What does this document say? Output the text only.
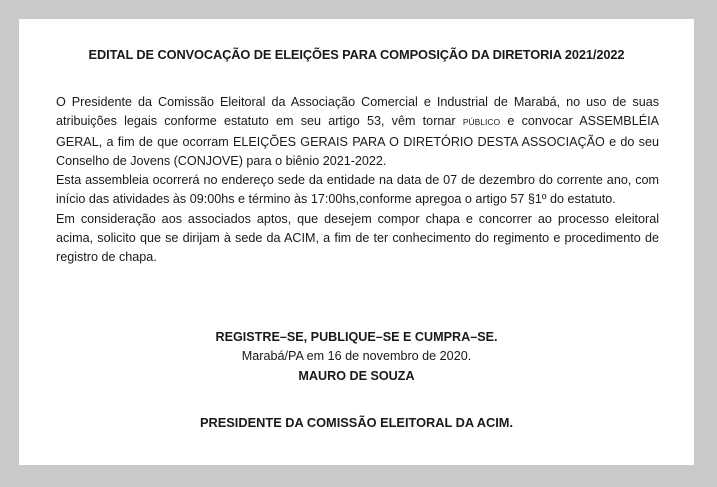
EDITAL DE CONVOCAÇÃO DE ELEIÇÕES PARA COMPOSIÇÃO DA DIRETORIA 2021/2022

O Presidente da Comissão Eleitoral da Associação Comercial e Industrial de Marabá, no uso de suas atribuições legais conforme estatuto em seu artigo 53, vêm tornar PÚBLICO e convocar ASSEMBLÉIA GERAL, a fim de que ocorram ELEIÇÕES GERAIS PARA O DIRETÓRIO DESTA ASSOCIAÇÃO e do seu Conselho de Jovens (CONJOVE) para o biênio 2021-2022.

Esta assembleia ocorrerá no endereço sede da entidade na data de 07 de dezembro do corrente ano, com início das atividades às 09:00hs e término às 17:00hs,conforme apregoa o artigo 57 §1º do estatuto.

Em consideração aos associados aptos, que desejem compor chapa e concorrer ao processo eleitoral acima, solicito que se dirijam à sede da ACIM, a fim de ter conhecimento do regimento e procedimento de registro de chapa.

REGISTRE–SE, PUBLIQUE–SE E CUMPRA–SE.
Marabá/PA em 16 de novembro de 2020.
MAURO DE SOUZA
PRESIDENTE DA COMISSÃO ELEITORAL DA ACIM.
